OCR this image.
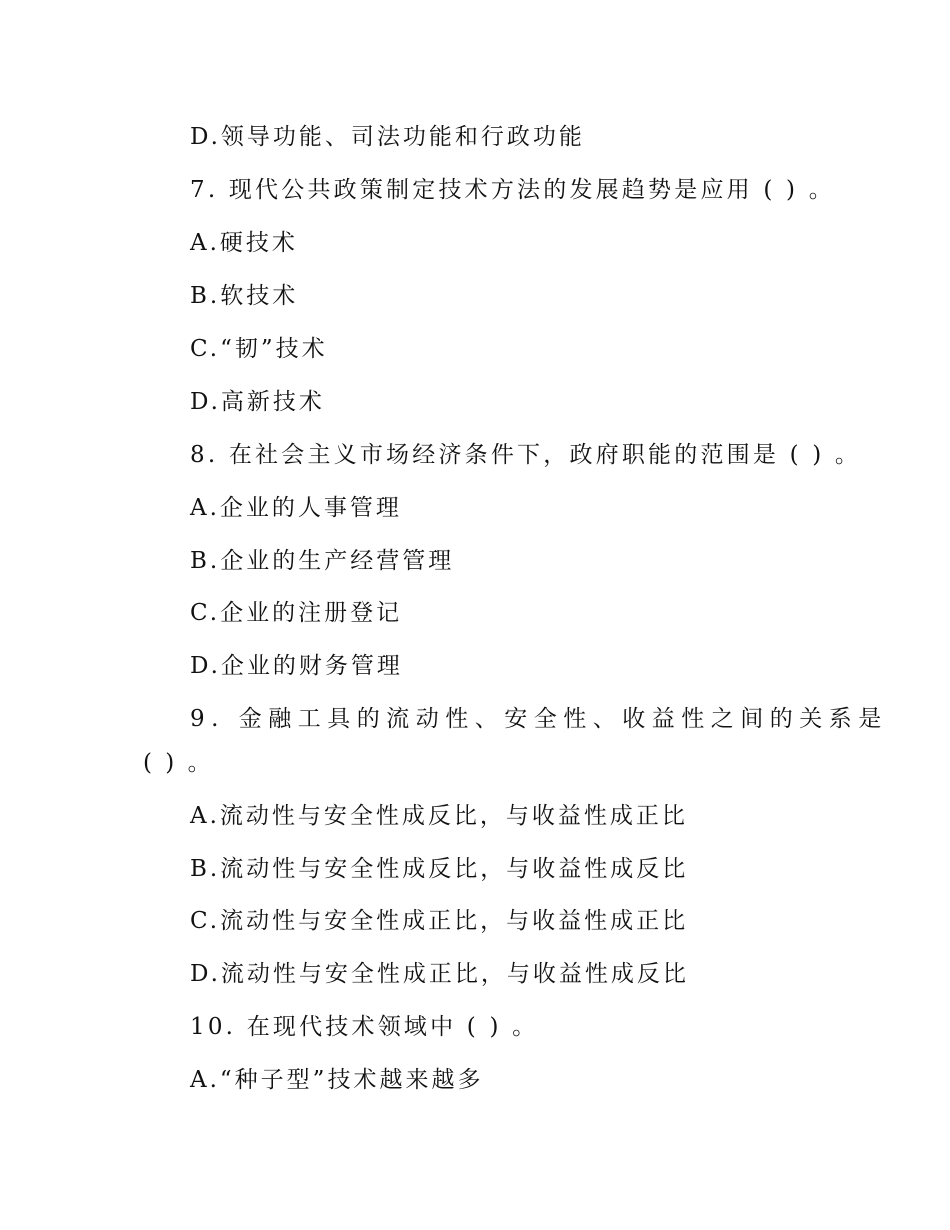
D.领导功能、司法功能和行政功能
7. 现代公共政策制定技术方法的发展趋势是应用 ( ) 。
A.硬技术
B.软技术
C.“韧”技术
D.高新技术
8. 在社会主义市场经济条件下，政府职能的范围是 ( ) 。
A.企业的人事管理
B.企业的生产经营管理
C.企业的注册登记
D.企业的财务管理
9. 金融工具的流动性、安全性、收益性之间的关系是
( ) 。
A.流动性与安全性成反比，与收益性成正比
B.流动性与安全性成反比，与收益性成反比
C.流动性与安全性成正比，与收益性成正比
D.流动性与安全性成正比，与收益性成反比
10. 在现代技术领域中 ( ) 。
A.“种子型”技术越来越多
